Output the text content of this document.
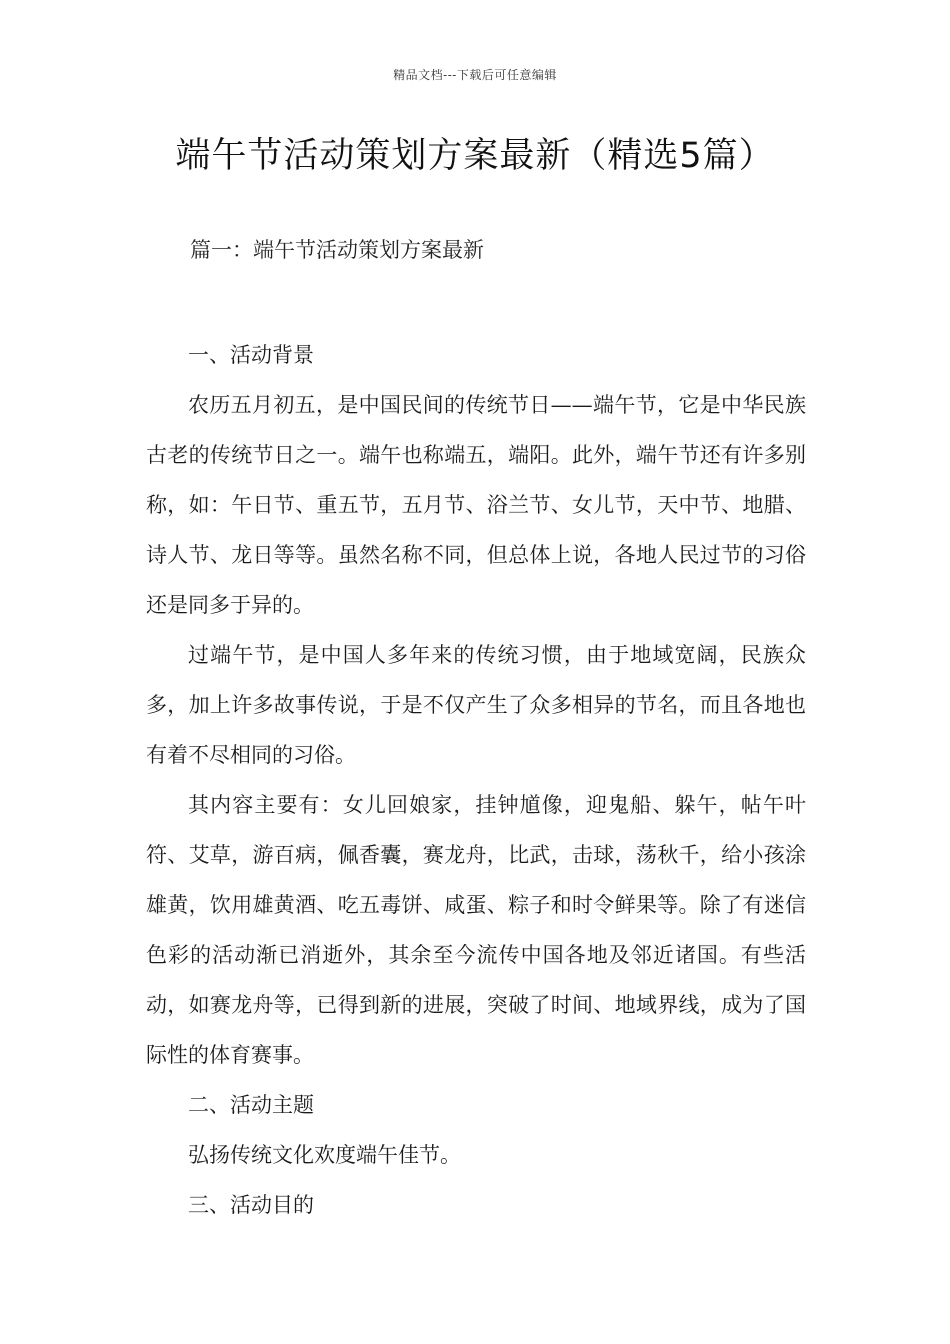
精品文档---下载后可任意编辑
端午节活动策划方案最新（精选5篇）
篇一：端午节活动策划方案最新

一、活动背景

农历五月初五，是中国民间的传统节日——端午节，它是中华民族古老的传统节日之一。端午也称端五，端阳。此外，端午节还有许多别称，如：午日节、重五节，五月节、浴兰节、女儿节，天中节、地腊、诗人节、龙日等等。虽然名称不同，但总体上说，各地人民过节的习俗还是同多于异的。

过端午节，是中国人多年来的传统习惯，由于地域宽阔，民族众多，加上许多故事传说，于是不仅产生了众多相异的节名，而且各地也有着不尽相同的习俗。

其内容主要有：女儿回娘家，挂钟馗像，迎鬼船、躲午，帖午叶符、艾草，游百病，佩香囊，赛龙舟，比武，击球，荡秋千，给小孩涂雄黄，饮用雄黄酒、吃五毒饼、咸蛋、粽子和时令鲜果等。除了有迷信色彩的活动渐已消逝外，其余至今流传中国各地及邻近诸国。有些活动，如赛龙舟等，已得到新的进展，突破了时间、地域界线，成为了国际性的体育赛事。

二、活动主题

弘扬传统文化欢度端午佳节。

三、活动目的
